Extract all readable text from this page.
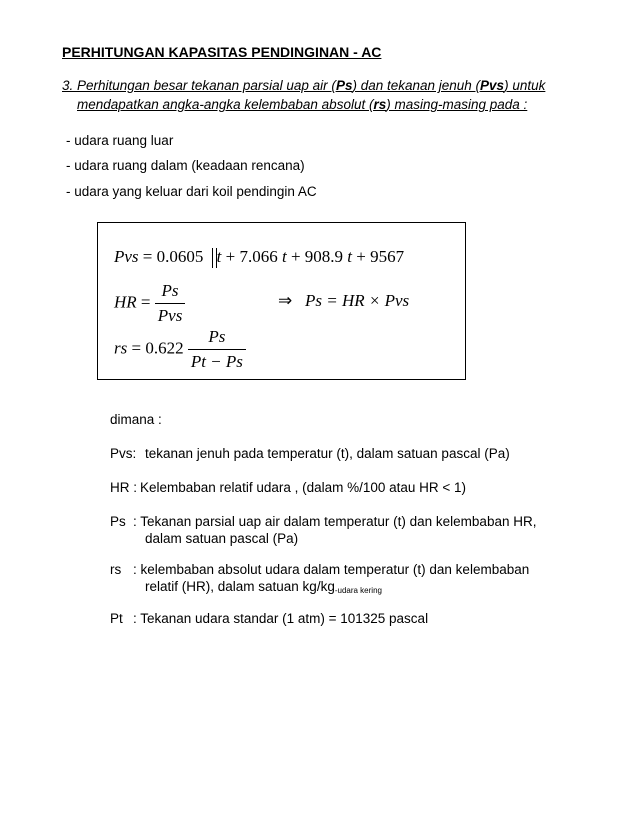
PERHITUNGAN KAPASITAS PENDINGINAN - AC
3. Perhitungan besar tekanan parsial uap air (Ps) dan tekanan jenuh (Pvs) untuk
mendapatkan angka-angka kelembaban absolut (rs) masing-masing pada :
- udara ruang luar
- udara ruang dalam (keadaan rencana)
- udara yang keluar dari koil pendingin AC
Pvs = 0.0605 t + 7.066 t + 908.9 t + 9567
HR = $\frac{Ps}{\text{Pvs}}$	⇒ Ps = HR × Pvs
rs = $0.622 \frac{Ps}{Pt - Ps}$
dimana :
Pvs: tekanan jenuh pada temperatur (t), dalam satuan pascal (Pa)
HR : Kelembaban relatif udara , (dalam %/100 atau HR < 1)
Ps : Tekanan parsial uap air dalam temperatur (t) dan kelembaban HR,
dalam satuan pascal (Pa)
rs : kelembaban absolut udara dalam temperatur (t) dan kelembaban
relatif (HR), dalam satuan $kg/kg_{-udara kering}$
Pt : Tekanan udara standar (1 atm) = 101325 pascal
